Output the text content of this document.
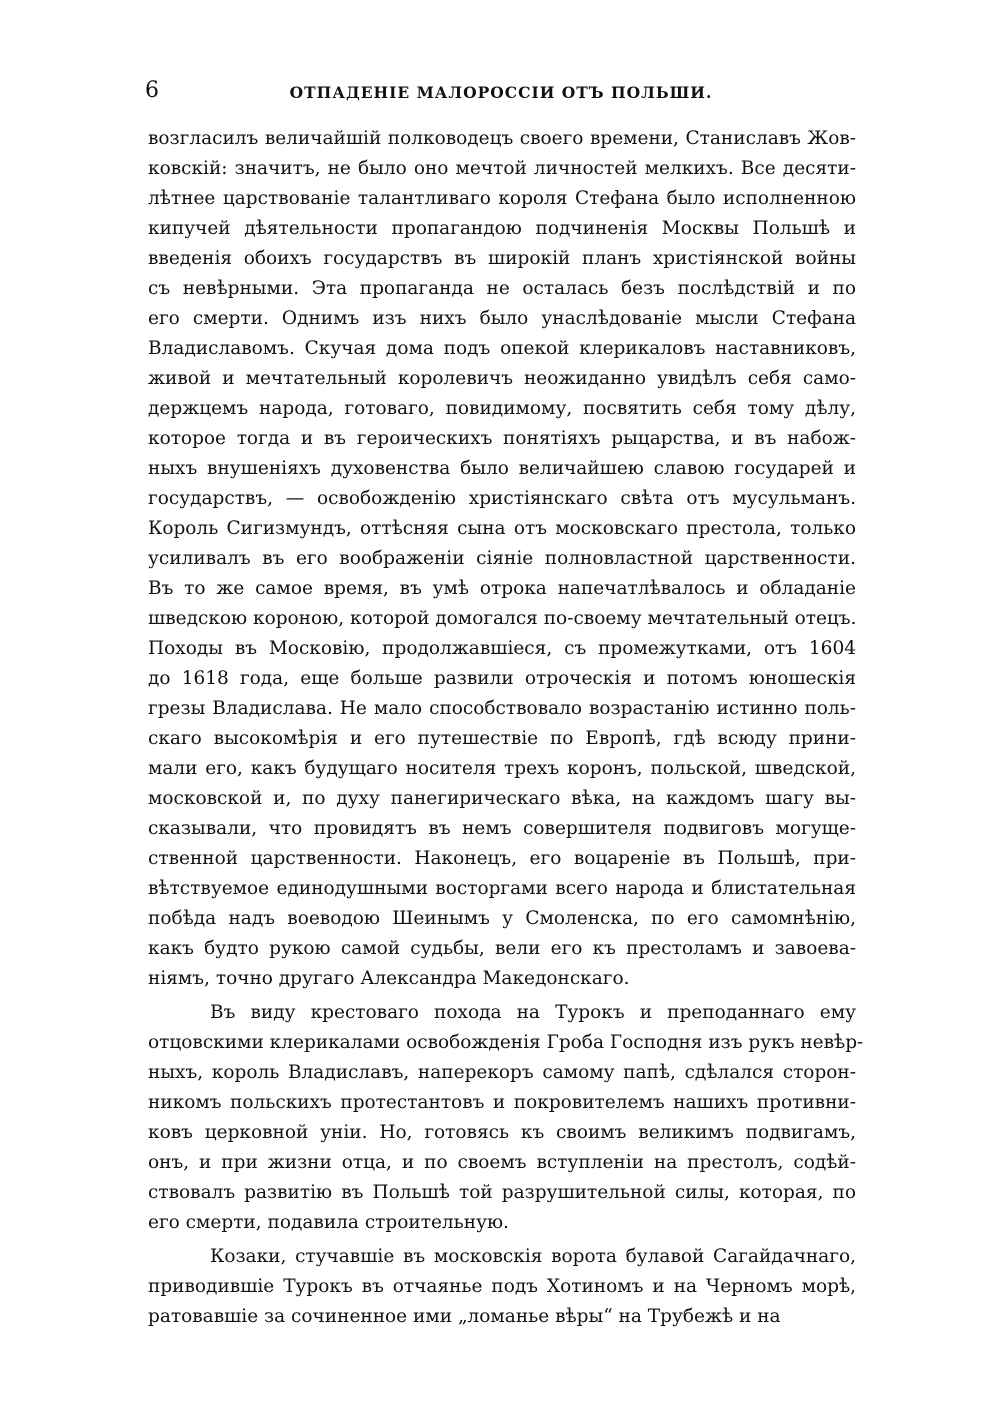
6	ОТПАДЕНІЕ МАЛОРОССІИ ОТЪ ПОЛЬШИ.
возгласилъ величайшій полководецъ своего времени, Станиславъ Жов-
ковскій: значитъ, не было оно мечтой личностей мелкихъ. Все десяти-
лѣтнее царствованіе талантливаго короля Стефана было исполненною
кипучей дѣятельности пропагандою подчиненія Москвы Польшѣ и
введенія обоихъ государствъ въ широкій планъ христіянской войны
съ невѣрными. Эта пропаганда не осталась безъ послѣдствій и по
его смерти. Однимъ изъ нихъ было унаслѣдованіе мысли Стефана
Владиславомъ. Скучая дома подъ опекой клерикаловъ наставниковъ,
живой и мечтательный королевичъ неожиданно увидѣлъ себя само-
держцемъ народа, готоваго, повидимому, посвятить себя тому дѣлу,
которое тогда и въ героическихъ понятіяхъ рыцарства, и въ набож-
ныхъ внушеніяхъ духовенства было величайшею славою государей и
государствъ, — освобожденію христіянскаго свѣта отъ мусульманъ.
Король Сигизмундъ, оттѣсняя сына отъ московскаго престола, только
усиливалъ въ его воображеніи сіяніе полновластной царственности.
Въ то же самое время, въ умѣ отрока напечатлѣвалось и обладаніе
шведскою короною, которой домогался по-своему мечтательный отецъ.
Походы въ Московію, продолжавшіеся, съ промежутками, отъ 1604
до 1618 года, еще больше развили отроческія и потомъ юношескія
грезы Владислава. Не мало способствовало возрастанію истинно поль-
скаго высокомѣрія и его путешествіе по Европѣ, гдѣ всюду прини-
мали его, какъ будущаго носителя трехъ коронъ, польской, шведской,
московской и, по духу панегирическаго вѣка, на каждомъ шагу вы-
сказывали, что провидятъ въ немъ совершителя подвиговъ могуще-
ственной царственности. Наконецъ, его воцареніе въ Польшѣ, при-
вѣтствуемое единодушными восторгами всего народа и блистательная
побѣда надъ воеводою Шеинымъ у Смоленска, по его самомнѣнію,
какъ будто рукою самой судьбы, вели его къ престоламъ и завоева-
ніямъ, точно другаго Александра Македонскаго.
Въ виду крестоваго похода на Турокъ и преподаннаго ему
отцовскими клерикалами освобожденія Гроба Господня изъ рукъ невѣр-
ныхъ, король Владиславъ, наперекоръ самому папѣ, сдѣлался сторон-
никомъ польскихъ протестантовъ и покровителемъ нашихъ противни-
ковъ церковной уніи. Но, готовясь къ своимъ великимъ подвигамъ,
онъ, и при жизни отца, и по своемъ вступленіи на престолъ, содѣй-
ствовалъ развитію въ Польшѣ той разрушительной силы, которая, по
его смерти, подавила строительную.
Козаки, стучавшіе въ московскія ворота булавой Сагайдачнаго,
приводившіе Турокъ въ отчаянье подъ Хотиномъ и на Черномъ морѣ,
ратовавшіе за сочиненное ими „ломанье вѣры“ на Трубежѣ и на
